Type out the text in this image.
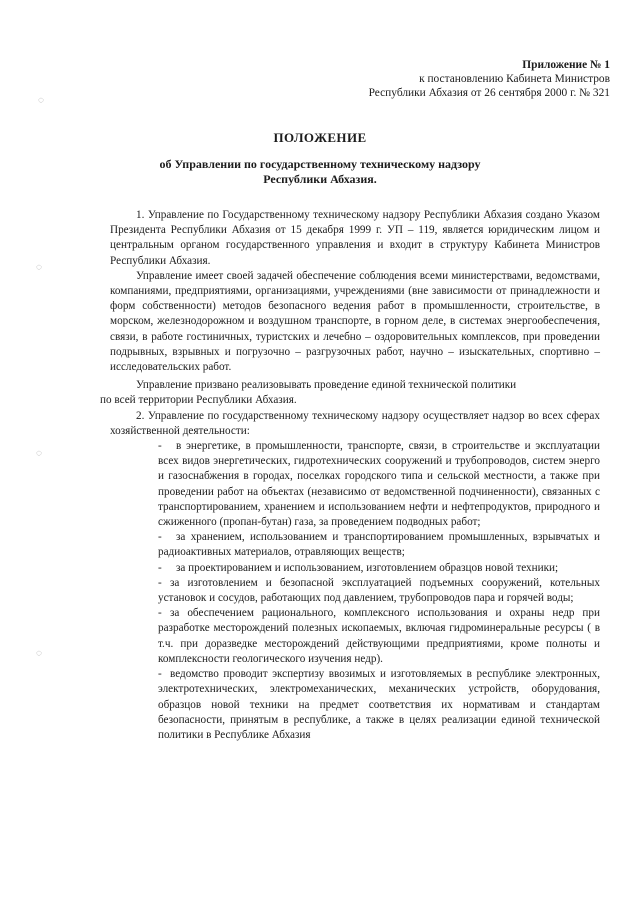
◌
◌
◌
◌
Приложение № 1
к постановлению Кабинета Министров
Республики Абхазия от 26 сентября 2000 г. № 321
ПОЛОЖЕНИЕ
об Управлении по государственному техническому надзору
Республики Абхазия.

1. Управление по Государственному техническому надзору Республики Абхазия создано Указом Президента Республики Абхазия от 15 декабря 1999 г. УП – 119, является юридическим лицом и центральным органом государственного управления и входит в структуру Кабинета Министров Республики Абхазия.

Управление имеет своей задачей обеспечение соблюдения всеми министерствами, ведомствами, компаниями, предприятиями, организациями, учреждениями (вне зависимости от принадлежности и форм собственности) методов безопасного ведения работ в промышленности, строительстве, в морском, железнодорожном и воздушном транспорте, в горном деле, в системах энергообеспечения, связи, в работе гостиничных, туристских и лечебно – оздоровительных комплексов, при проведении подрывных, взрывных и погрузочно – разгрузочных работ, научно – изыскательных, спортивно – исследовательских работ.

Управление призвано реализовывать проведение единой технической политики

по всей территории Республики Абхазия.

2. Управление по государственному техническому надзору осуществляет надзор во всех сферах хозяйственной деятельности:

- в энергетике, в промышленности, транспорте, связи, в строительстве и эксплуатации всех видов энергетических, гидротехнических сооружений и трубопроводов, систем энерго и газоснабжения в городах, поселках городского типа и сельской местности, а также при проведении работ на объектах (независимо от ведомственной подчиненности), связанных с транспортированием, хранением и использованием нефти и нефтепродуктов, природного и сжиженного (пропан-бутан) газа, за проведением подводных работ;

- за хранением, использованием и транспортированием промышленных, взрывчатых и радиоактивных материалов, отравляющих веществ;

- за проектированием и использованием, изготовлением образцов новой техники;

- за изготовлением и безопасной эксплуатацией подъемных сооружений, котельных установок и сосудов, работающих под давлением, трубопроводов пара и горячей воды;

- за обеспечением рационального, комплексного использования и охраны недр при разработке месторождений полезных ископаемых, включая гидроминеральные ресурсы ( в т.ч. при доразведке месторождений действующими предприятиями, кроме полноты и комплексности геологического изучения недр).

- ведомство проводит экспертизу ввозимых и изготовляемых в республике электронных, электротехнических, электромеханических, механических устройств, оборудования, образцов новой техники на предмет соответствия их нормативам и стандартам безопасности, принятым в республике, а также в целях реализации единой технической политики в Республике Абхазия
